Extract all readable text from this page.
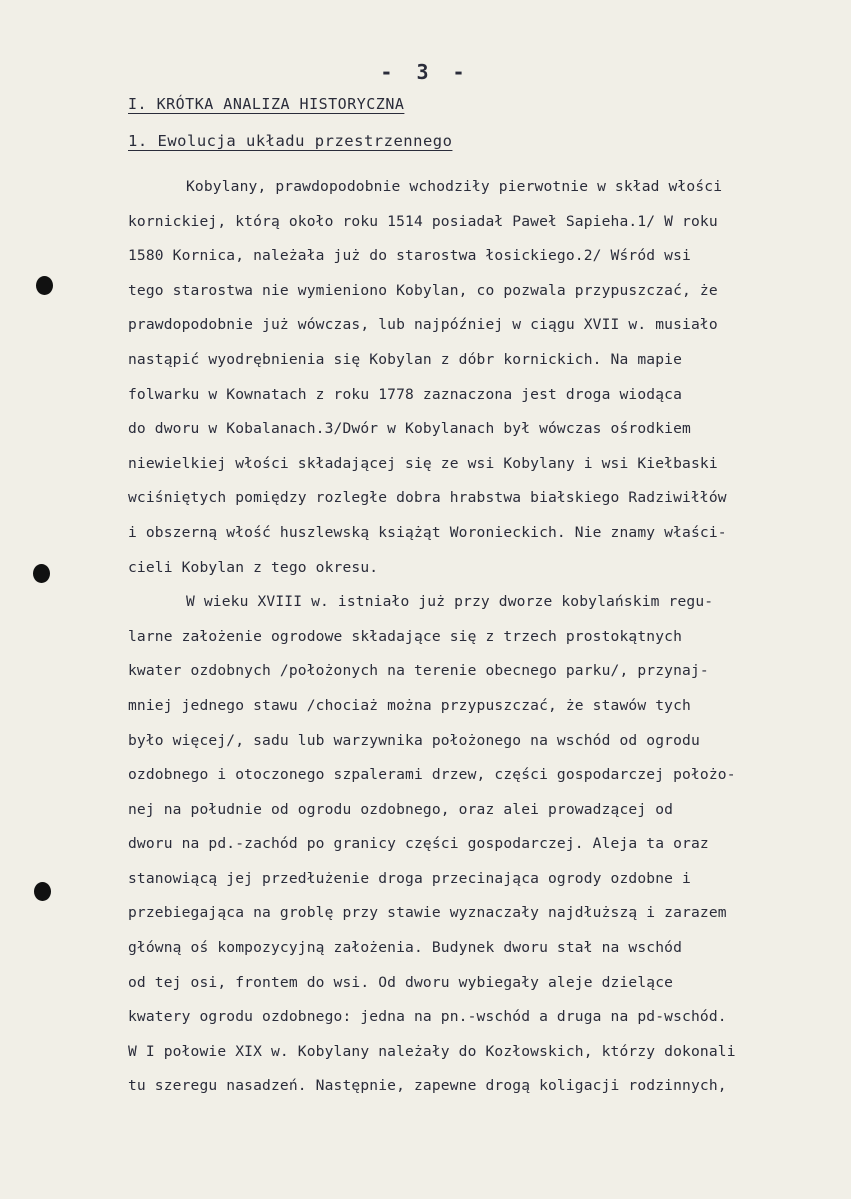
- 3 -
I. KRÓTKA ANALIZA HISTORYCZNA
1. Ewolucja układu przestrzennego
Kobylany, prawdopodobnie wchodziły pierwotnie w skład włości
kornickiej, którą około roku 1514 posiadał Paweł Sapieha.1/ W roku
1580 Kornica, należała już do starostwa łosickiego.2/ Wśród wsi
tego starostwa nie wymieniono Kobylan, co pozwala przypuszczać, że
prawdopodobnie już wówczas, lub najpóźniej w ciągu XVII w. musiało
nastąpić wyodrębnienia się Kobylan z dóbr kornickich. Na mapie
folwarku w Kownatach z roku 1778 zaznaczona jest droga wiodąca
do dworu w Kobalanach.3/Dwór w Kobylanach był wówczas ośrodkiem
niewielkiej włości składającej się ze wsi Kobylany i wsi Kiełbaski
wciśniętych pomiędzy rozległe dobra hrabstwa białskiego Radziwiłłów
i obszerną włość huszlewską książąt Woronieckich. Nie znamy właści-
cieli Kobylan z tego okresu.
W wieku XVIII w. istniało już przy dworze kobylańskim regu-
larne założenie ogrodowe składające się z trzech prostokątnych
kwater ozdobnych /położonych na terenie obecnego parku/, przynaj-
mniej jednego stawu /chociaż można przypuszczać, że stawów tych
było więcej/, sadu lub warzywnika położonego na wschód od ogrodu
ozdobnego i otoczonego szpalerami drzew, części gospodarczej położo-
nej na południe od ogrodu ozdobnego, oraz alei prowadzącej od
dworu na pd.-zachód po granicy części gospodarczej. Aleja ta oraz
stanowiącą jej przedłużenie droga przecinająca ogrody ozdobne i
przebiegająca na groblę przy stawie wyznaczały najdłuższą i zarazem
główną oś kompozycyjną założenia. Budynek dworu stał na wschód
od tej osi, frontem do wsi. Od dworu wybiegały aleje dzielące
kwatery ogrodu ozdobnego: jedna na pn.-wschód a druga na pd-wschód.
W I połowie XIX w. Kobylany należały do Kozłowskich, którzy dokonali
tu szeregu nasadzeń. Następnie, zapewne drogą koligacji rodzinnych,
